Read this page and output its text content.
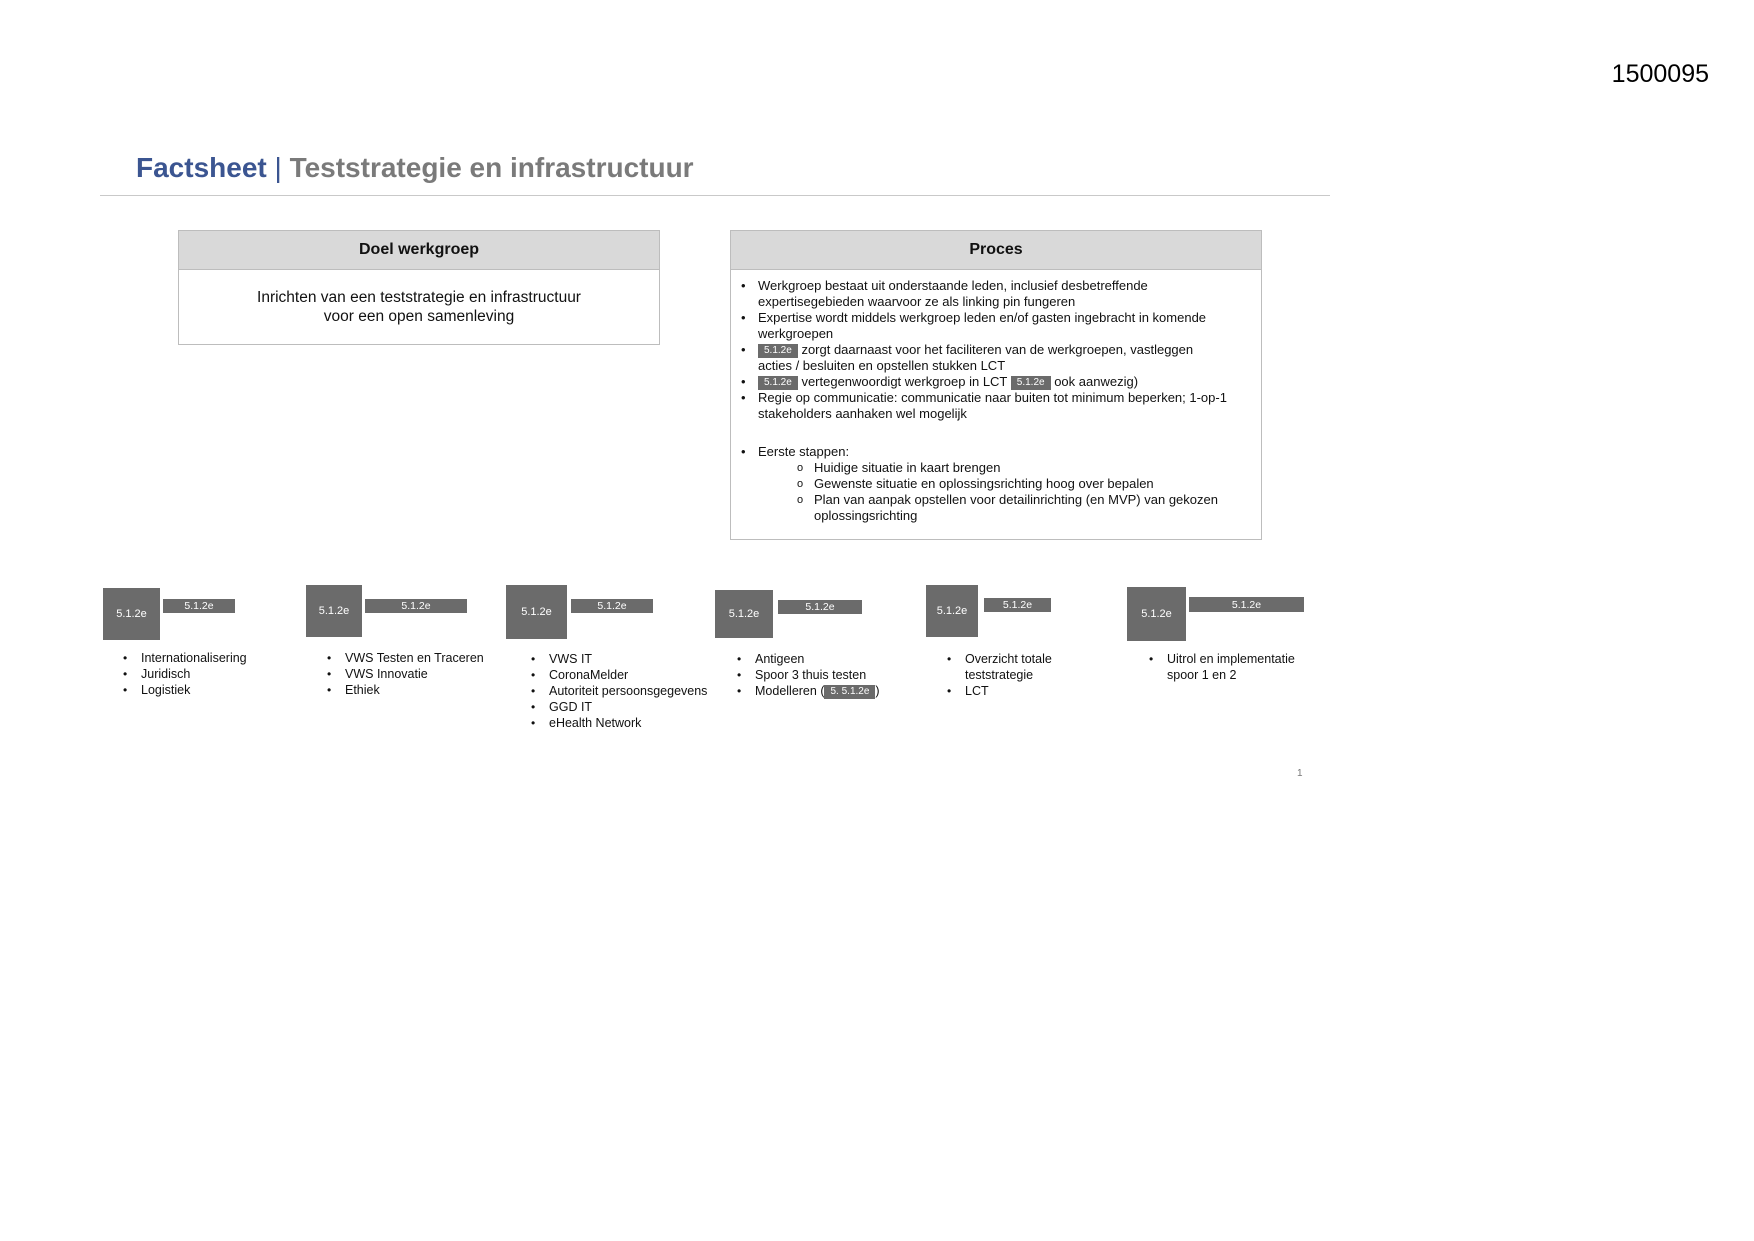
1500095
Factsheet | Teststrategie en infrastructuur
Doel werkgroep
Inrichten van een teststrategie en infrastructuur
voor een open samenleving
Proces
• Werkgroep bestaat uit onderstaande leden, inclusief desbetreffende
expertisegebieden waarvoor ze als linking pin fungeren
• Expertise wordt middels werkgroep leden en/of gasten ingebracht in komende
werkgroepen
•	5.1.2e zorgt daarnaast voor het faciliteren van de werkgroepen, vastleggen
acties / besluiten en opstellen stukken LCT
•	5.1.2e vertegenwoordigt werkgroep in LCT 5.1.2e ook aanwezig)
• Regie op communicatie: communicatie naar buiten tot minimum beperken; 1-op-1
stakeholders aanhaken wel mogelijk
• Eerste stappen:
o Huidige situatie in kaart brengen
o Gewenste situatie en oplossingsrichting hoog over bepalen
o Plan van aanpak opstellen voor detailinrichting (en MVP) van gekozen
oplossingsrichting
5.1.2e
5.1.2e
•	Internationalisering
•	Juridisch
•	Logistiek
5.1.2e	5.1.2e
•	VWS Testen en Traceren
•	VWS Innovatie
•	Ethiek
5.1.2e	5.1.2e
•	VWS IT
•	CoronaMelder
•	Autoriteit persoonsgegevens
•	GGD IT
•	eHealth Network
5.1.2e
5.1.2e
•	Antigeen
•	Spoor 3 thuis testen
•	Modelleren ( 5. 5.1.2e )
5.1.2e	5.1.2e
•	Overzicht totale
teststrategie
•	LCT
5.1.2e
5.1.2e
•	Uitrol en implementatie
spoor 1 en 2
1
